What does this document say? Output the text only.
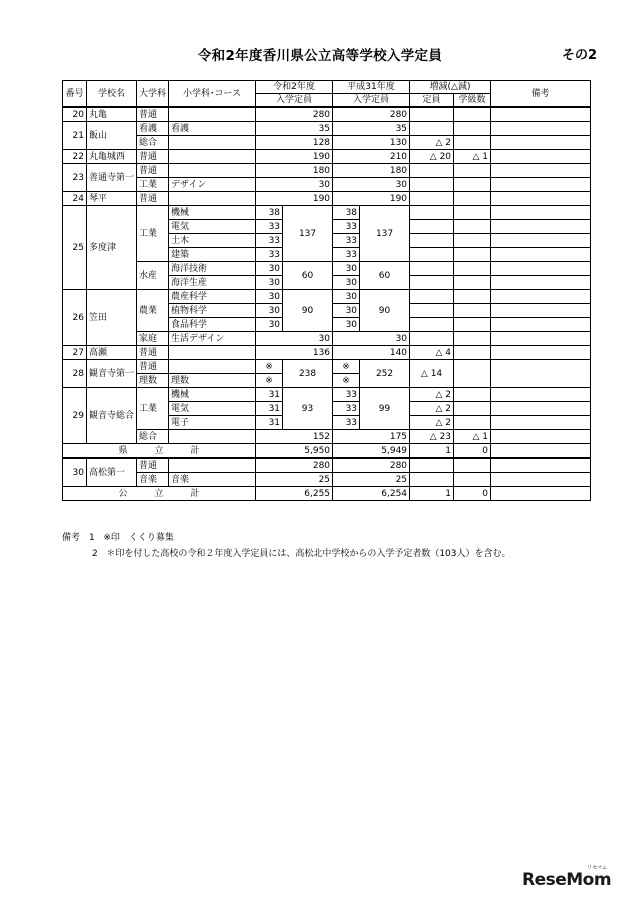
令和2年度香川県公立高等学校入学定員	その2
番号	学校名	大学科	小学科･コース	令和2年度		平成31年度		増減(△減)		備考
				入学定員		入学定員		定員	学級数	
20	丸亀	普通		280		280				
21	飯山	看護	看護	35		35				
		総合		128		130		△ 2		
22	丸亀城西	普通		190		210		△ 20	△ 1	
23	善通寺第一	普通		180		180				
		工業	デザイン	30		30				
24	琴平	普通		190		190				
25	多度津	工業	機械	38	137	38	137			
			電気	33		33				
			土木	33		33				
			建築	33		33				
		水産	海洋技術	30	60	30	60			
			海洋生産	30		30				
26	笠田	農業	農産科学	30	90	30	90			
			植物科学	30		30				
			食品科学	30		30				
		家庭	生活デザイン	30		30				
27	高瀬	普通		136		140		△ 4		
28	観音寺第一	普通		※	238	※	252	△ 14		
		理数	理数	※		※				
29	観音寺総合	工業	機械	31	93	33	99	△ 2		
			電気	31		33		△ 2		
			電子	31		33		△ 2		
		総合		152		175		△ 23	△ 1	
県　　　立　　　計				5,950		5,949		1	0	
30	高松第一	普通		280		280				
		音楽	音楽	25		25				
公　　　立　　　計				6,255		6,254		1	0	
備考　1 ※印　くくり募集
2 ＊印を付した高校の令和２年度入学定員には、高松北中学校からの入学予定者数（103人）を含む。
ReseMom
リセマム
